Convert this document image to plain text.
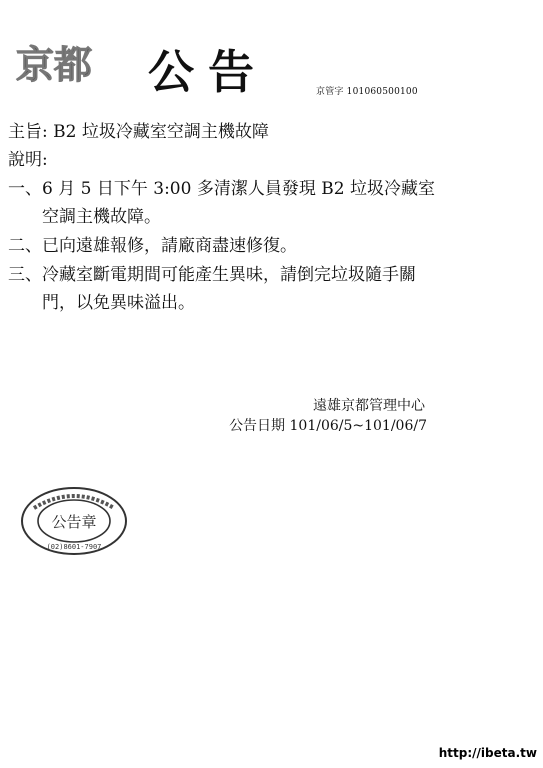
京都 公告	京管字 101060500100
主旨: B2 垃圾冷藏室空調主機故障
說明:
一、6 月 5 日下午 3:00 多清潔人員發現 B2 垃圾冷藏室
空調主機故障。
二、已向遠雄報修，請廠商盡速修復。
三、冷藏室斷電期間可能產生異味，請倒完垃圾隨手關
門，以免異味溢出。
遠雄京都管理中心
公告日期 101/06/5~101/06/7
公告章
(02)8601-7907
http://ibeta.tw
